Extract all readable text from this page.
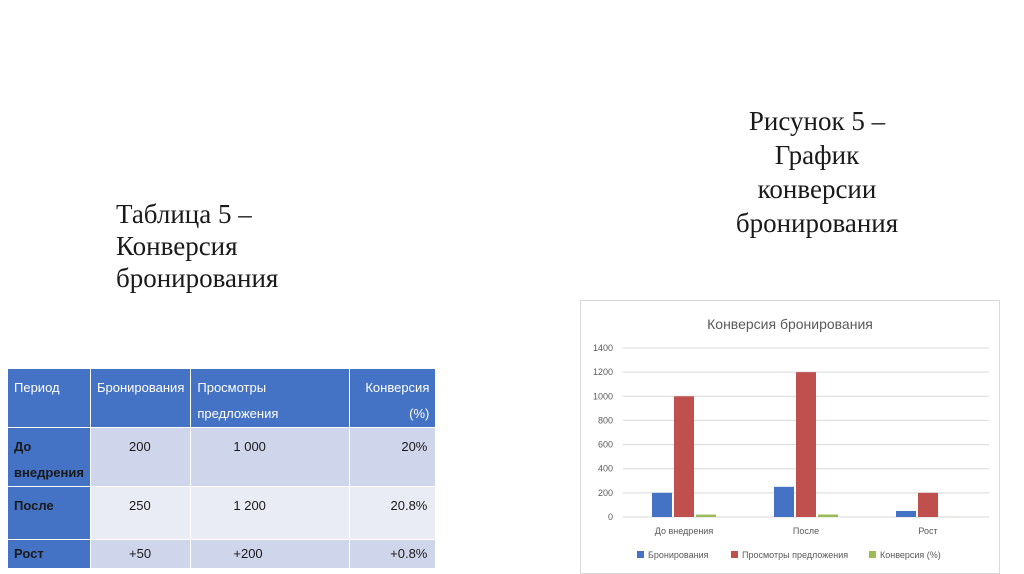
Таблица 5 – Конверсия бронирования
Рисунок 5 – График конверсии бронирования
Период	Бронирования	Просмотры предложения	Конверсия (%)

До внедрения	200	1 000	20%

После	250	1 200	20.8%

Рост	+50	+200	+0.8%
Конверсия бронирования
0
200
400
600
800
1000
1200
1400
До внедрения	После	Рост
Бронирования	Просмотры предложения	Конверсия (%)
